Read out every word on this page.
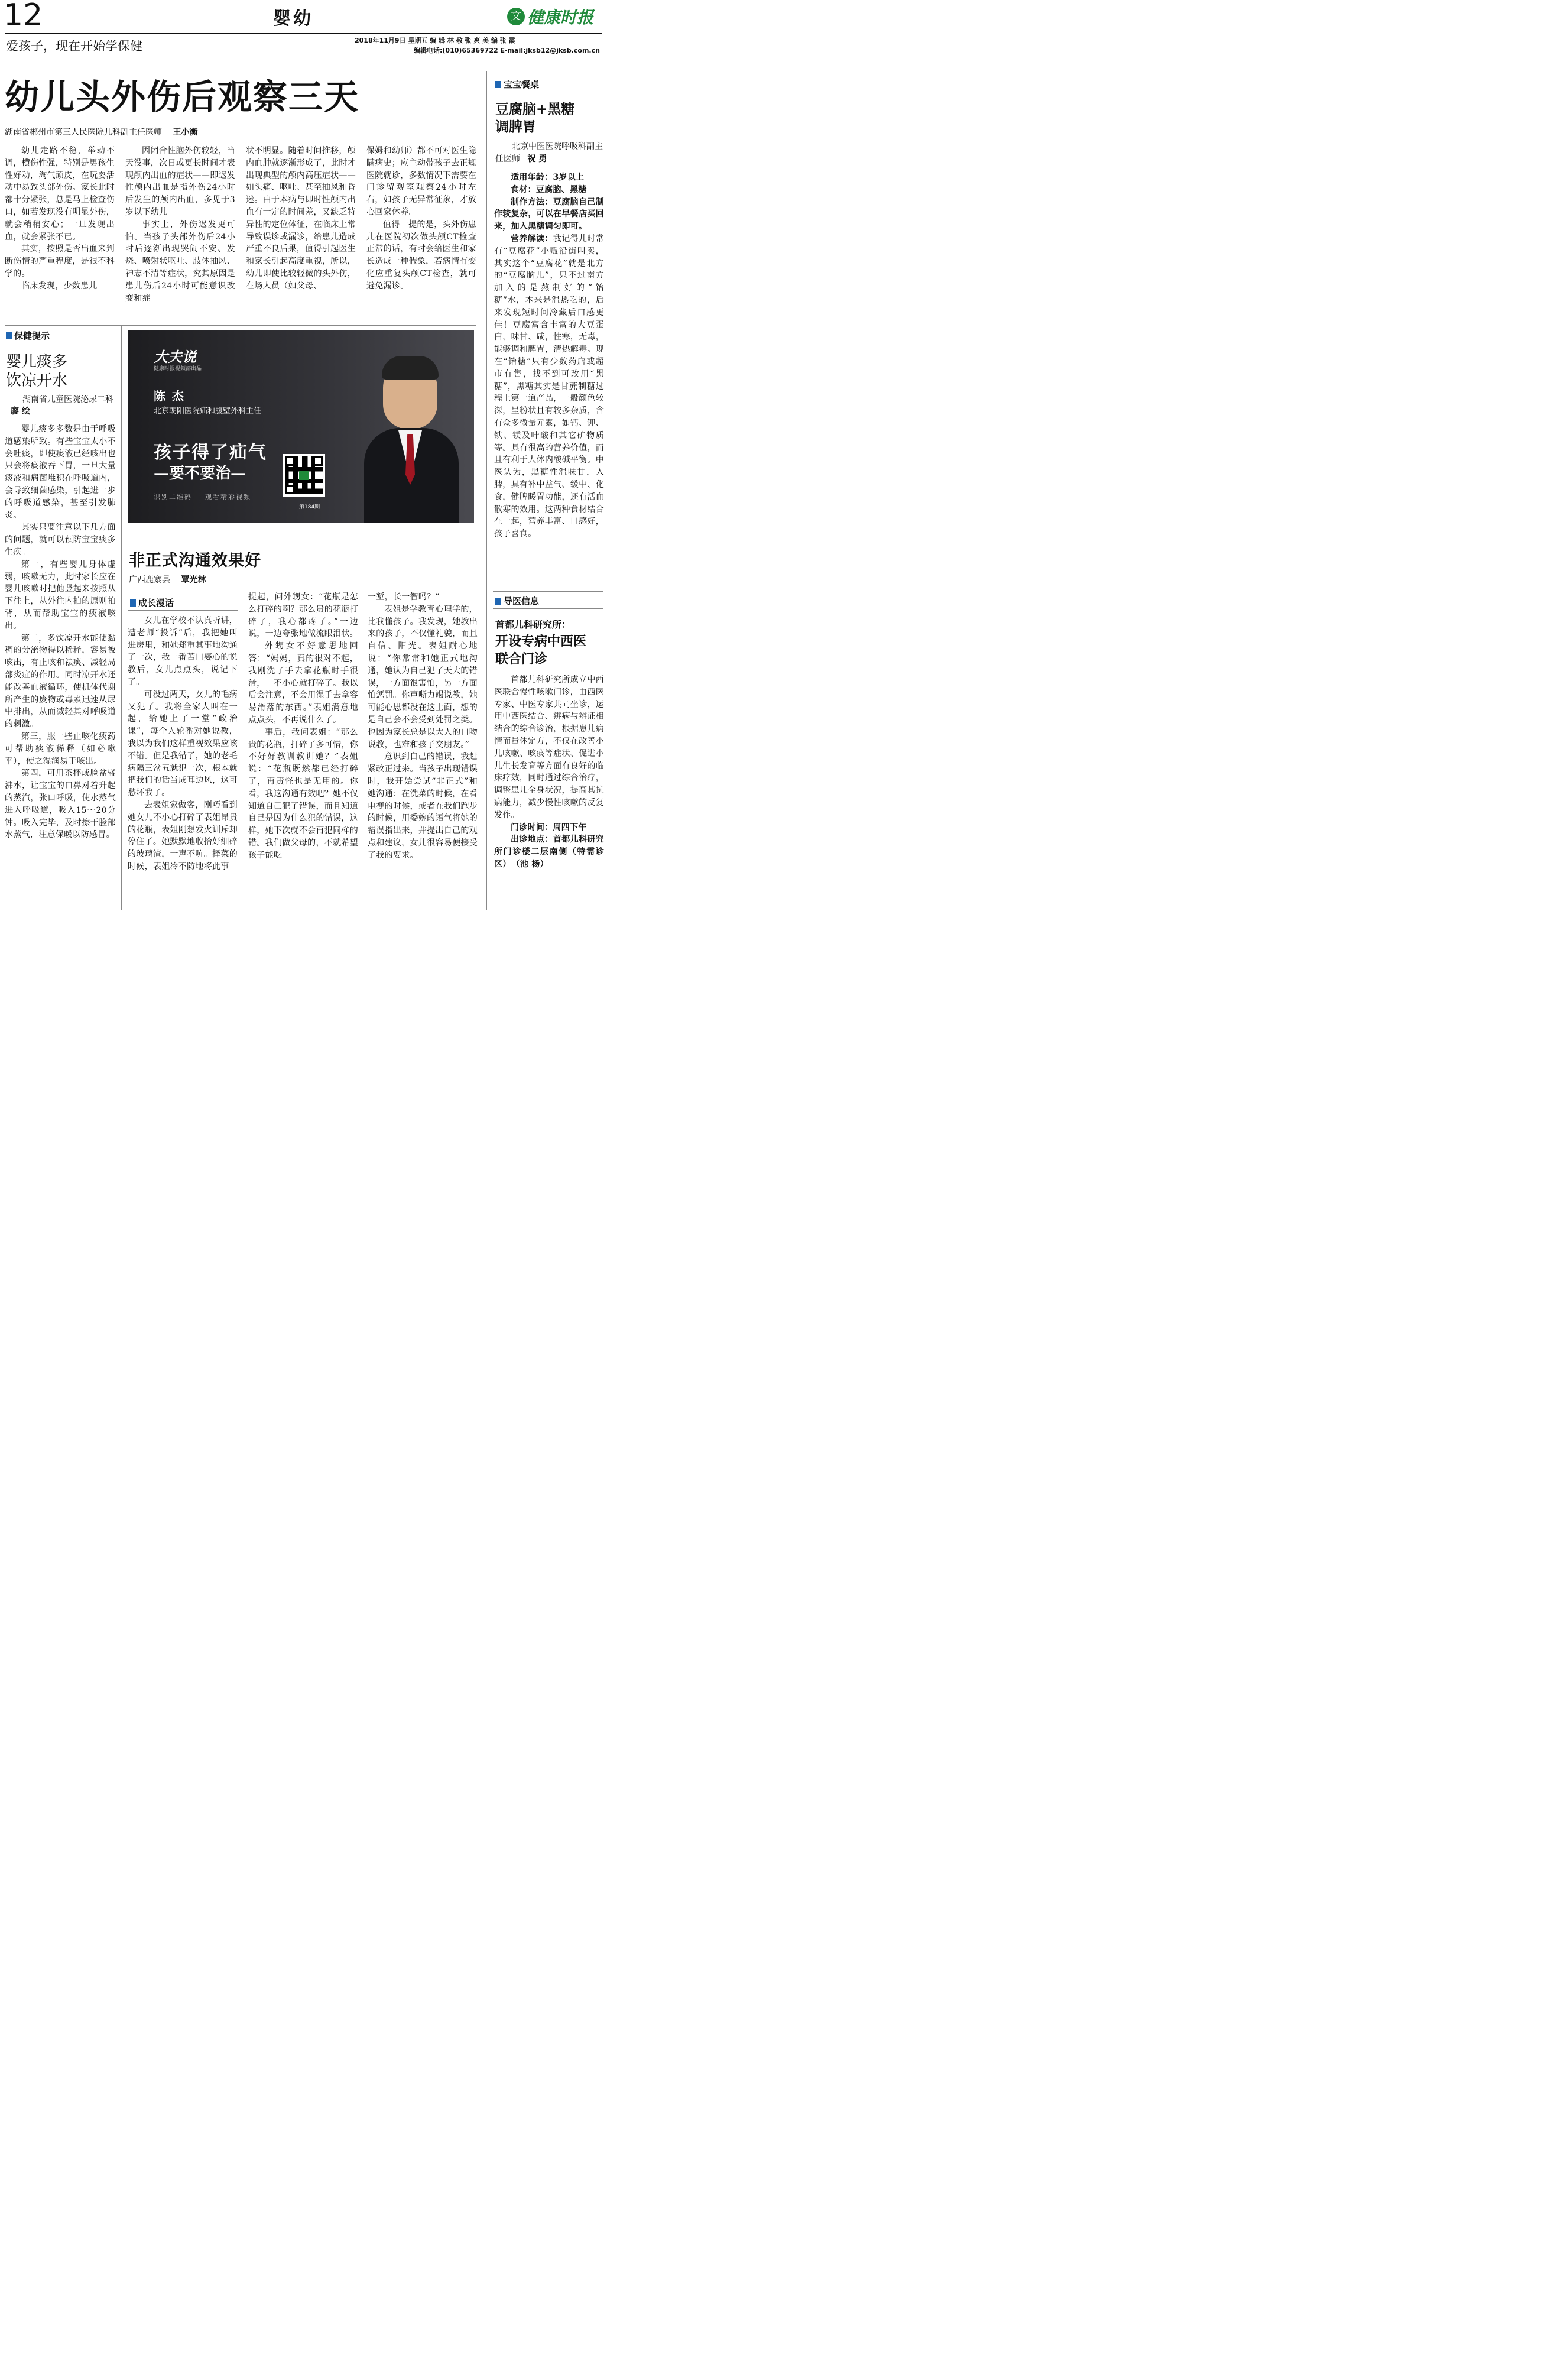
12	婴幼	文 健康时报
爱孩子，现在开始学保健	2018年11月9日 星期五 编 辑 林 敬 张 爽 美 编 张 霞
编辑电话:(010)65369722 E-mail:jksb12@jksb.com.cn
幼儿头外伤后观察三天
湖南省郴州市第三人民医院儿科副主任医师 王小衡

幼儿走路不稳，举动不调，横伤性强，特别是男孩生性好动，淘气顽皮，在玩耍活动中易致头部外伤。家长此时都十分紧张，总是马上检查伤口，如若发现没有明显外伤，就会稍稍安心；一旦发现出血，就会紧张不已。

其实，按照是否出血来判断伤情的严重程度，是很不科学的。

临床发现，少数患儿

因闭合性脑外伤较轻，当天没事，次日或更长时间才表现颅内出血的症状——即迟发性颅内出血是指外伤24小时后发生的颅内出血，多见于3岁以下幼儿。

事实上，外伤迟发更可怕。当孩子头部外伤后24小时后逐渐出现哭闹不安、发烧、喷射状呕吐、肢体抽风、神志不清等症状，究其原因是患儿伤后24小时可能意识改变和症

状不明显。随着时间推移，颅内血肿就逐渐形成了，此时才出现典型的颅内高压症状——如头痛、呕吐、甚至抽风和昏迷。由于本病与即时性颅内出血有一定的时间差，又缺乏特异性的定位体征，在临床上常导致误诊或漏诊，给患儿造成严重不良后果，值得引起医生和家长引起高度重视，所以，幼儿即使比较轻微的头外伤，在场人员（如父母、

保姆和幼师）都不可对医生隐瞒病史；应主动带孩子去正规医院就诊，多数情况下需要在门诊留观室观察24小时左右，如孩子无异常征象，才放心回家休养。

值得一提的是，头外伤患儿在医院初次做头颅CT检查正常的话，有时会给医生和家长造成一种假象，若病情有变化应重复头颅CT检查，就可避免漏诊。

保健提示
婴儿痰多
饮凉开水
湖南省儿童医院泌尿二科 廖 绘

婴儿痰多多数是由于呼吸道感染所致。有些宝宝太小不会吐痰，即使痰液已经咳出也只会将痰液吞下胃，一旦大量痰液和病菌堆积在呼吸道内，会导致细菌感染，引起进一步的呼吸道感染，甚至引发肺炎。

其实只要注意以下几方面的问题，就可以预防宝宝痰多生疾。

第一，有些婴儿身体虚弱，咳嗽无力，此时家长应在婴儿咳嗽时把他竖起来按照从下往上，从外往内拍的原则拍背，从而帮助宝宝的痰液咳出。

第二，多饮凉开水能使黏稠的分泌物得以稀释，容易被咳出，有止咳和祛痰、减轻局部炎症的作用。同时凉开水还能改善血液循环，使机体代谢所产生的废物或毒素迅速从尿中排出，从而减轻其对呼吸道的刺激。

第三，服一些止咳化痰药可帮助痰液稀释（如必嗽平），使之湿润易于咳出。

第四，可用茶杯或脸盆盛沸水，让宝宝的口鼻对着升起的蒸汽，张口呼吸，使水蒸气进入呼吸道，吸入15～20分钟。吸入完毕，及时擦干脸部水蒸气，注意保暖以防感冒。

大夫说
健康时报视频部出品
陈 杰
北京朝阳医院疝和腹壁外科主任
孩子得了疝气
—要不要治—
识别二维码    观看精彩视频
第184期
非正式沟通效果好
广西鹿寨县 覃光林
成长漫话

女儿在学校不认真听讲，遭老师“投诉”后，我把她叫进房里，和她郑重其事地沟通了一次，我一番苦口婆心的说教后，女儿点点头，说记下了。

可没过两天，女儿的毛病又犯了。我将全家人叫在一起，给她上了一堂“政治课”，每个人轮番对她说教，我以为我们这样重视效果应该不错。但是我错了，她的老毛病隔三岔五就犯一次，根本就把我们的话当成耳边风，这可愁坏我了。

去表姐家做客，刚巧看到她女儿不小心打碎了表姐昂贵的花瓶，表姐刚想发火训斥却停住了。她默默地收拾好细碎的玻璃渣，一声不吭。择菜的时候，表姐冷不防地将此事

提起，问外甥女：“花瓶是怎么打碎的啊？那么贵的花瓶打碎了，我心都疼了。”一边说，一边夸张地做流眼泪状。

外甥女不好意思地回答：“妈妈，真的很对不起，我刚洗了手去拿花瓶时手很滑，一不小心就打碎了。我以后会注意，不会用湿手去拿容易滑落的东西。”表姐满意地点点头，不再说什么了。

事后，我问表姐：“那么贵的花瓶，打碎了多可惜，你不好好教训教训她？”表姐说：“花瓶既然都已经打碎了，再责怪也是无用的。你看，我这沟通有效吧？她不仅知道自己犯了错误，而且知道自己是因为什么犯的错误，这样，她下次就不会再犯同样的错。我们做父母的，不就希望孩子能吃

一堑，长一智吗？”

表姐是学教育心理学的，比我懂孩子。我发现，她教出来的孩子，不仅懂礼貌，而且自信、阳光。表姐耐心地说：“你常常和她正式地沟通，她认为自己犯了天大的错误，一方面很害怕，另一方面怕惩罚。你声嘶力竭说教，她可能心思都没在这上面，想的是自己会不会受到处罚之类。也因为家长总是以大人的口吻说教，也难和孩子交朋友。”

意识到自己的错误，我赶紧改正过来。当孩子出现错误时，我开始尝试“非正式”和她沟通：在洗菜的时候，在看电视的时候，或者在我们跑步的时候，用委婉的语气将她的错误指出来，并提出自己的观点和建议，女儿很容易便接受了我的要求。

宝宝餐桌
豆腐脑+黑糖
调脾胃
北京中医医院呼吸科副主任医师 祝 勇

适用年龄：3岁以上

食材：豆腐脑、黑糖

制作方法：豆腐脑自己制作较复杂，可以在早餐店买回来，加入黑糖调匀即可。

营养解读：我记得儿时常有“豆腐花”小贩沿街叫卖，其实这个“豆腐花”就是北方的“豆腐脑儿”，只不过南方加入的是熬制好的“饴糖”水，本来是温热吃的，后来发现短时间冷藏后口感更佳！豆腐富含丰富的大豆蛋白，味甘、咸，性寒，无毒，能够调和脾胃，清热解毒。现在“饴糖”只有少数药店或超市有售，找不到可改用“黑糖”，黑糖其实是甘蔗制糖过程上第一道产品，一般颜色较深，呈粉状且有较多杂质，含有众多微量元素，如钙、钾、铁、镁及叶酸和其它矿物质等。具有很高的营养价值，而且有利于人体内酸碱平衡。中医认为，黑糖性温味甘，入脾，具有补中益气、缓中、化食，健脾暖胃功能，还有活血散寒的效用。这两种食材结合在一起，营养丰富、口感好，孩子喜食。

导医信息
首都儿科研究所：
开设专病中西医
联合门诊

首都儿科研究所成立中西医联合慢性咳嗽门诊，由西医专家、中医专家共同坐诊，运用中西医结合、辨病与辨证相结合的综合诊治，根据患儿病情而量体定方，不仅在改善小儿咳嗽、咳痰等症状、促进小儿生长发育等方面有良好的临床疗效，同时通过综合治疗，调整患儿全身状况，提高其抗病能力，减少慢性咳嗽的反复发作。

门诊时间：周四下午

出诊地点：首都儿科研究所门诊楼二层南侧（特需诊区） （池 杨）
